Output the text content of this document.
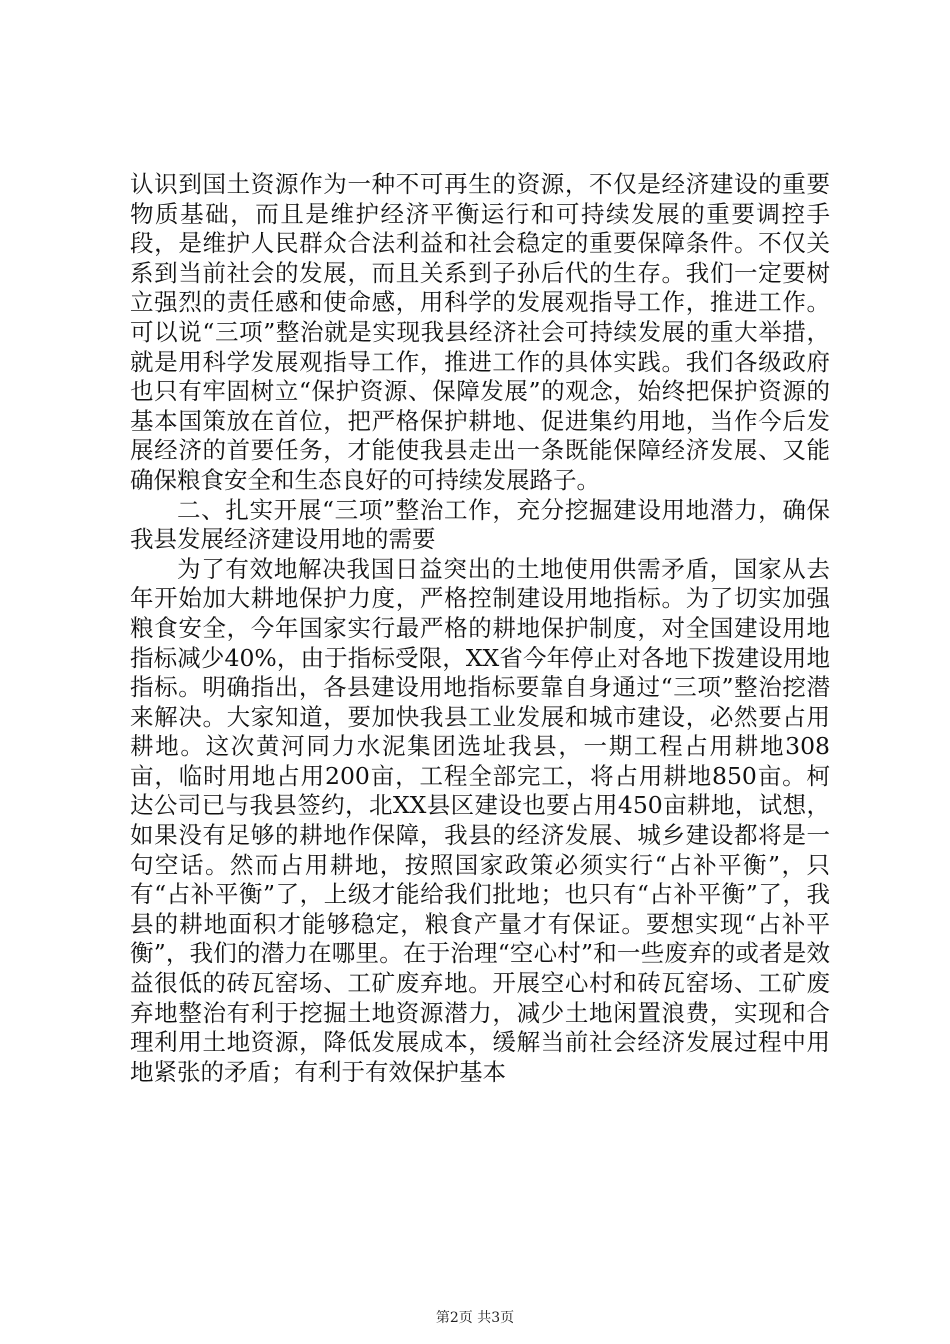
认识到国土资源作为一种不可再生的资源，不仅是经济建设的重要物质基础，而且是维护经济平衡运行和可持续发展的重要调控手段，是维护人民群众合法利益和社会稳定的重要保障条件。不仅关系到当前社会的发展，而且关系到子孙后代的生存。我们一定要树立强烈的责任感和使命感，用科学的发展观指导工作，推进工作。可以说“三项”整治就是实现我县经济社会可持续发展的重大举措，就是用科学发展观指导工作，推进工作的具体实践。我们各级政府也只有牢固树立“保护资源、保障发展”的观念，始终把保护资源的基本国策放在首位，把严格保护耕地、促进集约用地，当作今后发展经济的首要任务，才能使我县走出一条既能保障经济发展、又能确保粮食安全和生态良好的可持续发展路子。

二、扎实开展“三项”整治工作，充分挖掘建设用地潜力，确保我县发展经济建设用地的需要

为了有效地解决我国日益突出的土地使用供需矛盾，国家从去年开始加大耕地保护力度，严格控制建设用地指标。为了切实加强粮食安全，今年国家实行最严格的耕地保护制度，对全国建设用地指标减少40%，由于指标受限，XX省今年停止对各地下拨建设用地指标。明确指出，各县建设用地指标要靠自身通过“三项”整治挖潜来解决。大家知道，要加快我县工业发展和城市建设，必然要占用耕地。这次黄河同力水泥集团选址我县，一期工程占用耕地308亩，临时用地占用200亩，工程全部完工，将占用耕地850亩。柯达公司已与我县签约，北XX县区建设也要占用450亩耕地，试想，如果没有足够的耕地作保障，我县的经济发展、城乡建设都将是一句空话。然而占用耕地，按照国家政策必须实行“占补平衡”，只有“占补平衡”了，上级才能给我们批地；也只有“占补平衡”了，我县的耕地面积才能够稳定，粮食产量才有保证。要想实现“占补平衡”，我们的潜力在哪里。在于治理“空心村”和一些废弃的或者是效益很低的砖瓦窑场、工矿废弃地。开展空心村和砖瓦窑场、工矿废弃地整治有利于挖掘土地资源潜力，减少土地闲置浪费，实现和合理利用土地资源，降低发展成本，缓解当前社会经济发展过程中用地紧张的矛盾；有利于有效保护基本

第2页 共3页
